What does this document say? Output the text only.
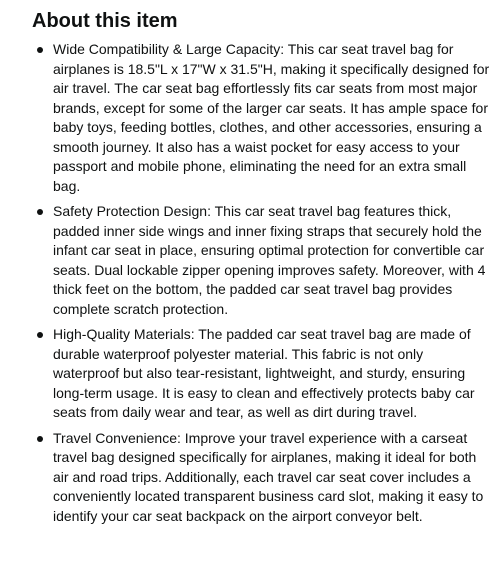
About this item
Wide Compatibility & Large Capacity: This car seat travel bag for airplanes is 18.5"L x 17"W x 31.5"H, making it specifically designed for air travel. The car seat bag effortlessly fits car seats from most major brands, except for some of the larger car seats. It has ample space for baby toys, feeding bottles, clothes, and other accessories, ensuring a smooth journey. It also has a waist pocket for easy access to your passport and mobile phone, eliminating the need for an extra small bag.
Safety Protection Design: This car seat travel bag features thick, padded inner side wings and inner fixing straps that securely hold the infant car seat in place, ensuring optimal protection for convertible car seats. Dual lockable zipper opening improves safety. Moreover, with 4 thick feet on the bottom, the padded car seat travel bag provides complete scratch protection.
High-Quality Materials: The padded car seat travel bag are made of durable waterproof polyester material. This fabric is not only waterproof but also tear-resistant, lightweight, and sturdy, ensuring long-term usage. It is easy to clean and effectively protects baby car seats from daily wear and tear, as well as dirt during travel.
Travel Convenience: Improve your travel experience with a carseat travel bag designed specifically for airplanes, making it ideal for both air and road trips. Additionally, each travel car seat cover includes a conveniently located transparent business card slot, making it easy to identify your car seat backpack on the airport conveyor belt.
